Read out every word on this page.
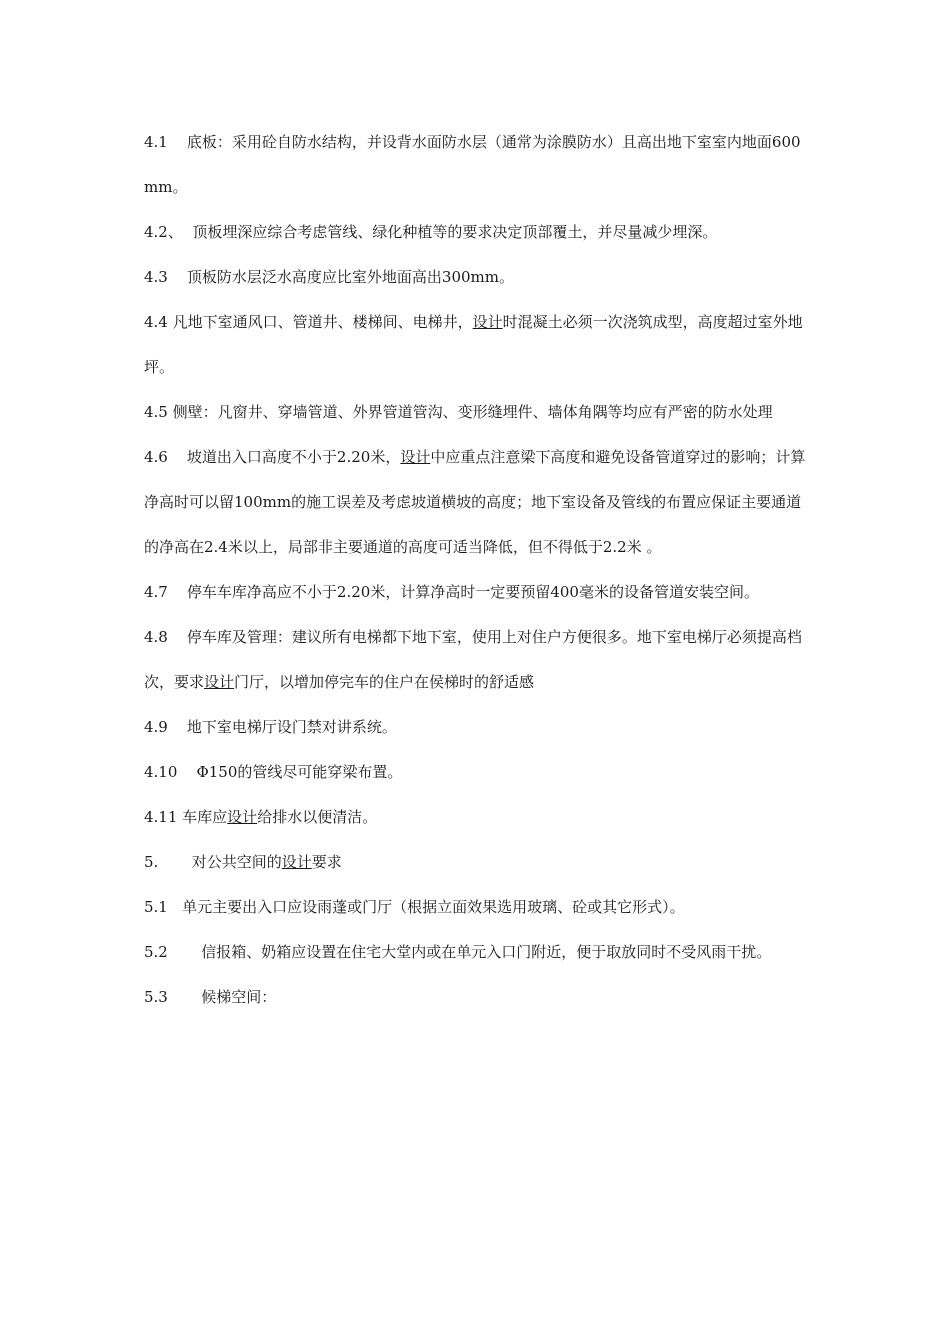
4.1    底板：采用砼自防水结构，并设背水面防水层（通常为涂膜防水）且高出地下室室内地面600mm。

4.2、  顶板埋深应综合考虑管线、绿化种植等的要求决定顶部覆土，并尽量减少埋深。

4.3    顶板防水层泛水高度应比室外地面高出300mm。

4.4 凡地下室通风口、管道井、楼梯间、电梯井，设计时混凝土必须一次浇筑成型，高度超过室外地坪。

4.5 侧壁：凡窗井、穿墙管道、外界管道管沟、变形缝埋件、墙体角隅等均应有严密的防水处理

4.6    坡道出入口高度不小于2.20米，设计中应重点注意梁下高度和避免设备管道穿过的影响；计算净高时可以留100mm的施工误差及考虑坡道横坡的高度；地下室设备及管线的布置应保证主要通道的净高在2.4米以上，局部非主要通道的高度可适当降低，但不得低于2.2米 。

4.7    停车车库净高应不小于2.20米，计算净高时一定要预留400毫米的设备管道安装空间。

4.8    停车库及管理：建议所有电梯都下地下室，使用上对住户方便很多。地下室电梯厅必须提高档次，要求设计门厅，以增加停完车的住户在侯梯时的舒适感

4.9    地下室电梯厅设门禁对讲系统。

4.10    Φ150的管线尽可能穿梁布置。

4.11 车库应设计给排水以便清洁。

5.       对公共空间的设计要求

5.1   单元主要出入口应设雨蓬或门厅（根据立面效果选用玻璃、砼或其它形式）。

5.2       信报箱、奶箱应设置在住宅大堂内或在单元入口门附近，便于取放同时不受风雨干扰。

5.3       候梯空间：
